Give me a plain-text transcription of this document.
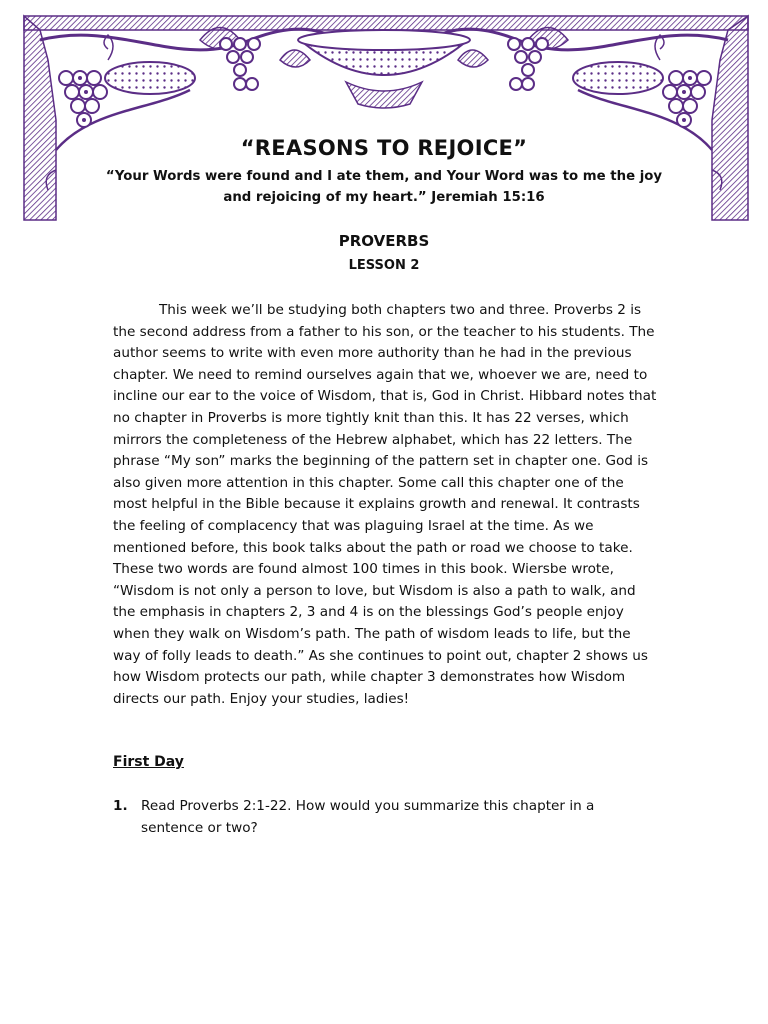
“REASONS TO REJOICE”

“Your Words were found and I ate them, and Your Word was to me the joy and rejoicing of my heart.” Jeremiah 15:16

PROVERBS

LESSON 2

This week we’ll be studying both chapters two and three. Proverbs 2 is the second address from a father to his son, or the teacher to his students. The author seems to write with even more authority than he had in the previous chapter. We need to remind ourselves again that we, whoever we are, need to incline our ear to the voice of Wisdom, that is, God in Christ. Hibbard notes that no chapter in Proverbs is more tightly knit than this. It has 22 verses, which mirrors the completeness of the Hebrew alphabet, which has 22 letters. The phrase “My son” marks the beginning of the pattern set in chapter one. God is also given more attention in this chapter. Some call this chapter one of the most helpful in the Bible because it explains growth and renewal. It contrasts the feeling of complacency that was plaguing Israel at the time. As we mentioned before, this book talks about the path or road we choose to take. These two words are found almost 100 times in this book. Wiersbe wrote, “Wisdom is not only a person to love, but Wisdom is also a path to walk, and the emphasis in chapters 2, 3 and 4 is on the blessings God’s people enjoy when they walk on Wisdom’s path. The path of wisdom leads to life, but the way of folly leads to death.” As she continues to point out, chapter 2 shows us how Wisdom protects our path, while chapter 3 demonstrates how Wisdom directs our path. Enjoy your studies, ladies!

First Day

1. Read Proverbs 2:1-22. How would you summarize this chapter in a sentence or two?
